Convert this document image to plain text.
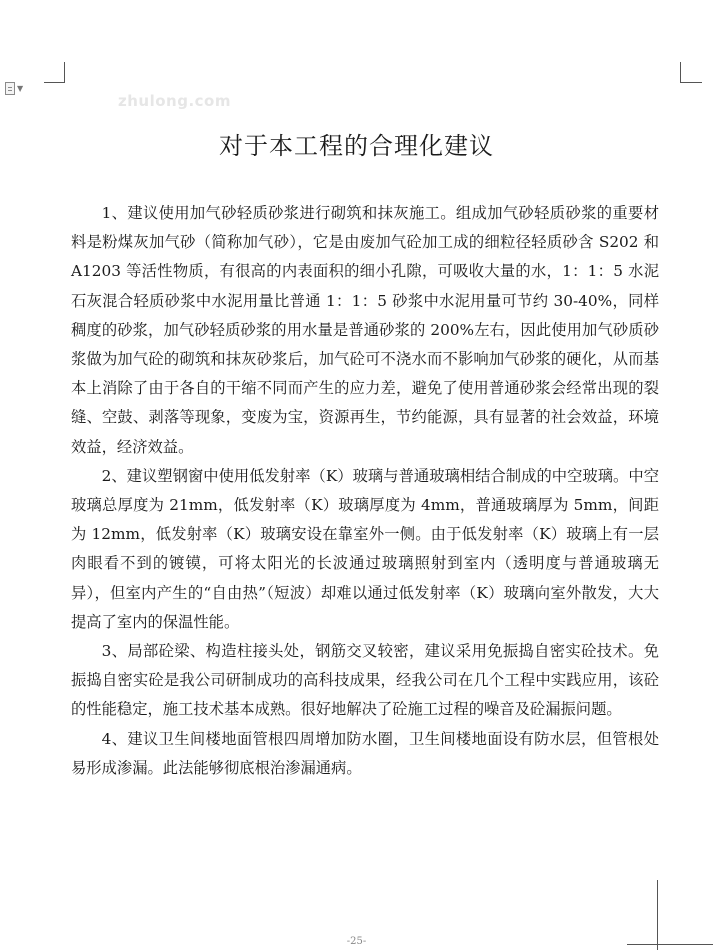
▼
zhulong.com
对于本工程的合理化建议

1、建议使用加气砂轻质砂浆进行砌筑和抹灰施工。组成加气砂轻质砂浆的重要材料是粉煤灰加气砂（简称加气砂），它是由废加气砼加工成的细粒径轻质砂含 S202 和 A1203 等活性物质，有很高的内表面积的细小孔隙，可吸收大量的水，1：1：5 水泥石灰混合轻质砂浆中水泥用量比普通 1：1：5 砂浆中水泥用量可节约 30-40%，同样稠度的砂浆，加气砂轻质砂浆的用水量是普通砂浆的 200%左右，因此使用加气砂质砂浆做为加气砼的砌筑和抹灰砂浆后，加气砼可不浇水而不影响加气砂浆的硬化，从而基本上消除了由于各自的干缩不同而产生的应力差，避免了使用普通砂浆会经常出现的裂缝、空鼓、剥落等现象，变废为宝，资源再生，节约能源，具有显著的社会效益，环境效益，经济效益。

2、建议塑钢窗中使用低发射率（K）玻璃与普通玻璃相结合制成的中空玻璃。中空玻璃总厚度为 21mm，低发射率（K）玻璃厚度为 4mm，普通玻璃厚为 5mm，间距为 12mm，低发射率（K）玻璃安设在靠室外一侧。由于低发射率（K）玻璃上有一层肉眼看不到的镀镆，可将太阳光的长波通过玻璃照射到室内（透明度与普通玻璃无异），但室内产生的“自由热”（短波）却难以通过低发射率（K）玻璃向室外散发，大大提高了室内的保温性能。

3、局部砼梁、构造柱接头处，钢筋交叉较密，建议采用免振捣自密实砼技术。免振捣自密实砼是我公司研制成功的高科技成果，经我公司在几个工程中实践应用，该砼的性能稳定，施工技术基本成熟。很好地解决了砼施工过程的噪音及砼漏振问题。

4、建议卫生间楼地面管根四周增加防水圈，卫生间楼地面设有防水层，但管根处易形成渗漏。此法能够彻底根治渗漏通病。

-25-
